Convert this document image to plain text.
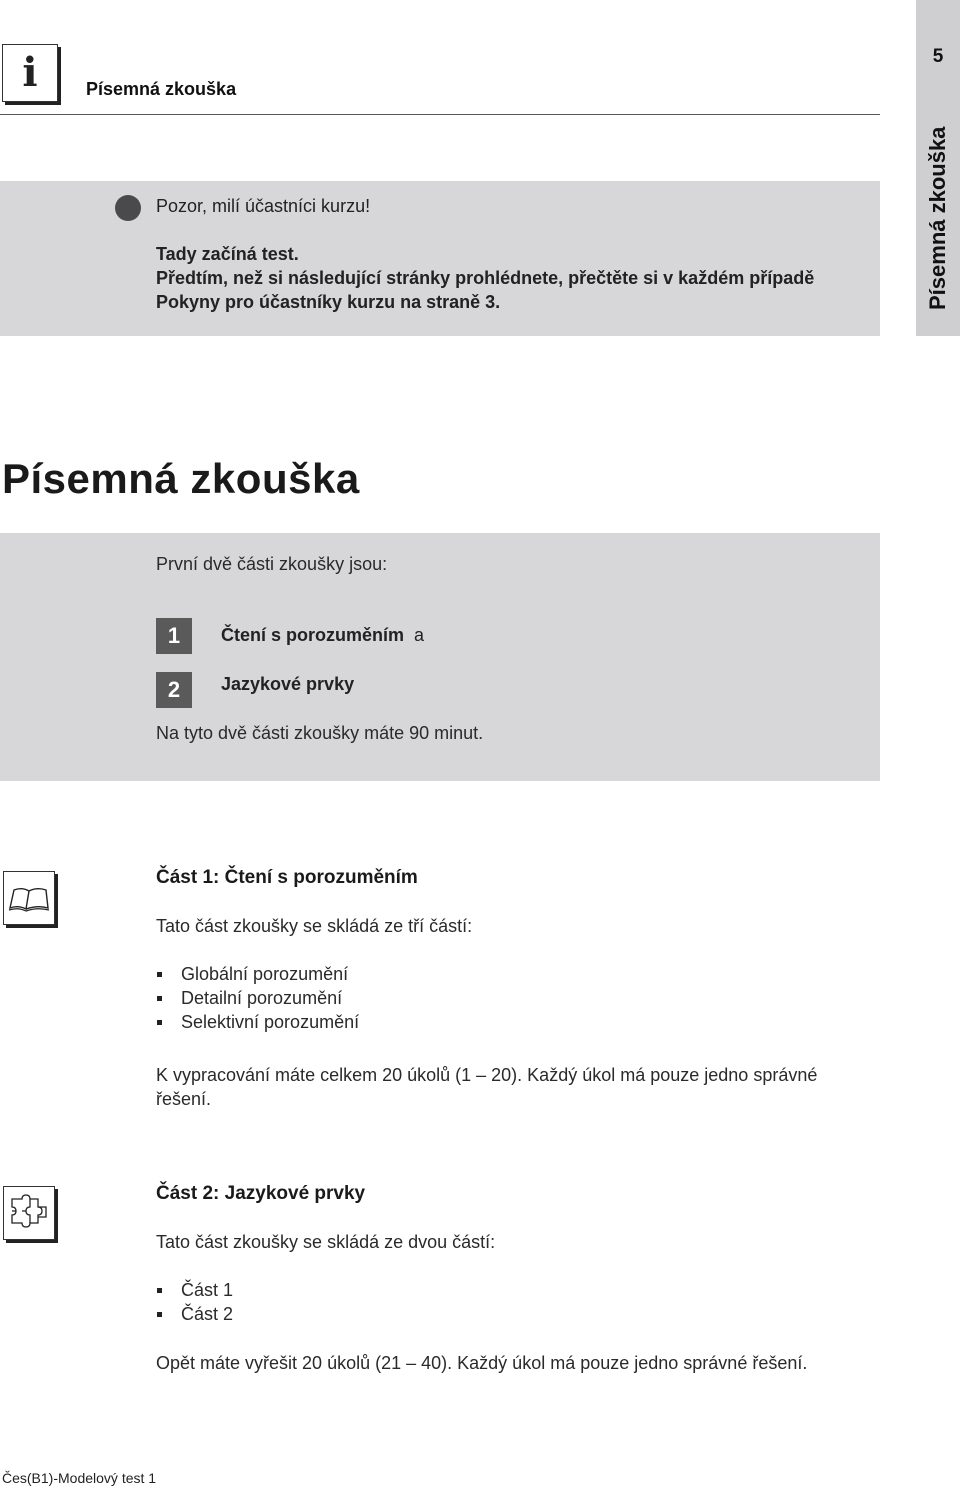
i	Písemná zkouška
5
Písemná zkouška
Pozor, milí účastníci kurzu!
Tady začíná test.
Předtím, než si následující stránky prohlédnete, přečtěte si v každém případě Pokyny pro účastníky kurzu na straně 3.
Písemná zkouška
První dvě části zkoušky jsou:
1	Čtení s porozuměním a
2	Jazykové prvky
Na tyto dvě části zkoušky máte 90 minut.
Část 1: Čtení s porozuměním
Tato část zkoušky se skládá ze tří částí:
Globální porozumění
Detailní porozumění
Selektivní porozumění
K vypracování máte celkem 20 úkolů (1 – 20). Každý úkol má pouze jedno správné řešení.
Část 2: Jazykové prvky
Tato část zkoušky se skládá ze dvou částí:
Část 1
Část 2
Opět máte vyřešit 20 úkolů (21 – 40). Každý úkol má pouze jedno správné řešení.
Čes(B1)-Modelový test 1
